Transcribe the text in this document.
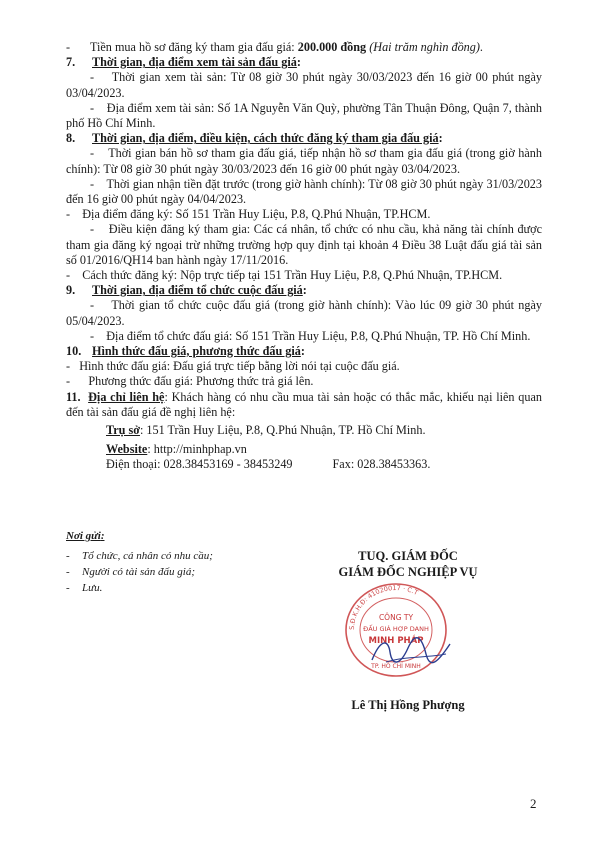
-	Tiền mua hồ sơ đăng ký tham gia đấu giá: 200.000 đồng (Hai trăm nghìn đồng).
7.	Thời gian, địa điểm xem tài sản đấu giá:
-    Thời gian xem tài sản: Từ 08 giờ 30 phút ngày 30/03/2023 đến 16 giờ 00 phút ngày 03/04/2023.
-    Địa điểm xem tài sản: Số 1A Nguyễn Văn Quỳ, phường Tân Thuận Đông, Quận 7, thành phố Hồ Chí Minh.
8.	Thời gian, địa điểm, điều kiện, cách thức đăng ký tham gia đấu giá:
-    Thời gian bán hồ sơ tham gia đấu giá, tiếp nhận hồ sơ tham gia đấu giá (trong giờ hành chính): Từ 08 giờ 30 phút ngày 30/03/2023 đến 16 giờ 00 phút ngày 03/04/2023.
-    Thời gian nhận tiền đặt trước (trong giờ hành chính): Từ 08 giờ 30 phút ngày 31/03/2023 đến 16 giờ 00 phút ngày 04/04/2023.
-    Địa điểm đăng ký: Số 151 Trần Huy Liệu, P.8, Q.Phú Nhuận, TP.HCM.
-    Điều kiện đăng ký tham gia: Các cá nhân, tổ chức có nhu cầu, khả năng tài chính được tham gia đăng ký ngoại trừ những trường hợp quy định tại khoản 4 Điều 38 Luật đấu giá tài sản số 01/2016/QH14 ban hành ngày 17/11/2016.
-    Cách thức đăng ký: Nộp trực tiếp tại 151 Trần Huy Liệu, P.8, Q.Phú Nhuận, TP.HCM.
9.	Thời gian, địa điểm tổ chức cuộc đấu giá:
-    Thời gian tổ chức cuộc đấu giá (trong giờ hành chính): Vào lúc 09 giờ 30 phút ngày 05/04/2023.
-    Địa điểm tổ chức đấu giá: Số 151 Trần Huy Liệu, P.8, Q.Phú Nhuận, TP. Hồ Chí Minh.
10. Hình thức đấu giá, phương thức đấu giá:
-   Hình thức đấu giá: Đấu giá trực tiếp bằng lời nói tại cuộc đấu giá.
-      Phương thức đấu giá: Phương thức trả giá lên.
11. Địa chỉ liên hệ: Khách hàng có nhu cầu mua tài sản hoặc có thắc mắc, khiếu nại liên quan đến tài sản đấu giá đề nghị liên hệ:
Trụ sở: 151 Trần Huy Liệu, P.8, Q.Phú Nhuận, TP. Hồ Chí Minh.
Website: http://minhphap.vn
Điện thoại: 028.38453169 - 38453249	Fax: 028.38453363.
Nơi gửi:
-	Tổ chức, cá nhân có nhu cầu;
-	Người có tài sản đấu giá;
-	Lưu.
TUQ. GIÁM ĐỐC
GIÁM ĐỐC NGHIỆP VỤ
S.Đ.K.H.Đ: 41020017 · C.T
CÔNG TY
ĐẤU GIÁ HỢP DANH
MINH PHÁP
TP. HỒ CHÍ MINH
Lê Thị Hồng Phượng
2
